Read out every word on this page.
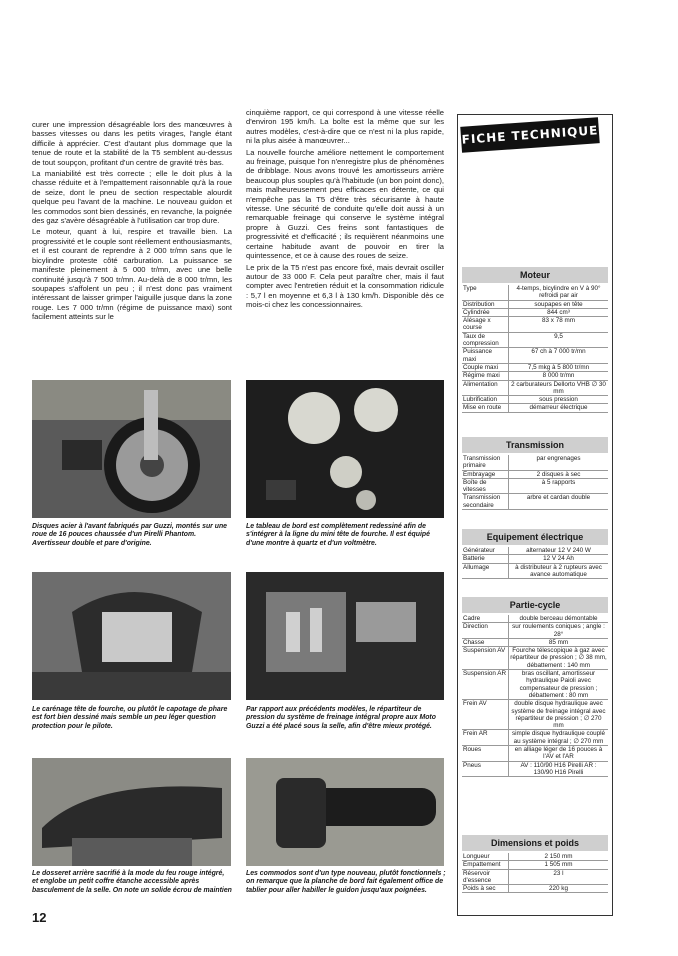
curer une impression désagréable lors des manœuvres à basses vitesses ou dans les petits virages, l'angle étant difficile à apprécier. C'est d'autant plus dommage que la tenue de route et la stabilité de la T5 semblent au-dessus de tout soupçon, profitant d'un centre de gravité très bas.

La maniabilité est très correcte ; elle le doit plus à la chasse réduite et à l'empattement raisonnable qu'à la roue de seize, dont le pneu de section respectable alourdit quelque peu l'avant de la machine. Le nouveau guidon et les commodos sont bien dessinés, en revanche, la poignée des gaz s'avère désagréable à l'utilisation car trop dure.

Le moteur, quant à lui, respire et travaille bien. La progressivité et le couple sont réellement enthousiasmants, et il est courant de reprendre à 2 000 tr/mn sans que le bicylindre proteste côté carburation. La puissance se manifeste pleinement à 5 000 tr/mn, avec une belle continuité jusqu'à 7 500 tr/mn. Au-delà de 8 000 tr/mn, les soupapes s'affolent un peu ; il n'est donc pas vraiment intéressant de laisser grimper l'aiguille jusque dans la zone rouge. Les 7 000 tr/mn (régime de puissance maxi) sont facilement atteints sur le

cinquième rapport, ce qui correspond à une vitesse réelle d'environ 195 km/h. La boîte est la même que sur les autres modèles, c'est-à-dire que ce n'est ni la plus rapide, ni la plus aisée à manœuvrer...

La nouvelle fourche améliore nettement le comportement au freinage, puisque l'on n'enregistre plus de phénomènes de dribblage. Nous avons trouvé les amortisseurs arrière beaucoup plus souples qu'à l'habitude (un bon point donc), mais malheureusement peu efficaces en détente, ce qui n'empêche pas la T5 d'être très sécurisante à haute vitesse. Une sécurité de conduite qu'elle doit aussi à un remarquable freinage qui conserve le système intégral propre à Guzzi. Ces freins sont fantastiques de progressivité et d'efficacité ; ils requièrent néanmoins une certaine habitude avant de pouvoir en tirer la quintessence, et ce à cause des roues de seize.

Le prix de la T5 n'est pas encore fixé, mais devrait osciller autour de 33 000 F. Cela peut paraître cher, mais il faut compter avec l'entretien réduit et la consommation ridicule : 5,7 l en moyenne et 6,3 l à 130 km/h. Disponible dès ce mois-ci chez les concessionnaires.

Disques acier à l'avant fabriqués par Guzzi, montés sur une roue de 16 pouces chaussée d'un Pirelli Phantom. Avertisseur double et pare d'origine.
Le tableau de bord est complètement redessiné afin de s'intégrer à la ligne du mini tête de fourche. Il est équipé d'une montre à quartz et d'un voltmètre.
Le carénage tête de fourche, ou plutôt le capotage de phare est fort bien dessiné mais semble un peu léger question protection pour le pilote.
Par rapport aux précédents modèles, le répartiteur de pression du système de freinage intégral propre aux Moto Guzzi a été placé sous la selle, afin d'être mieux protégé.
Le dosseret arrière sacrifié à la mode du feu rouge intégré, et englobe un petit coffre étanche accessible après basculement de la selle. On note un solide écrou de maintien
Les commodos sont d'un type nouveau, plutôt fonctionnels ; on remarque que la planche de bord fait également office de tablier pour aller habiller le guidon jusqu'aux poignées.
12
FICHE TECHNIQUE
Moteur
Type	4-temps, bicylindre en V à 90° refroidi par air
Distribution	soupapes en tête
Cylindrée	844 cm³
Alésage x course	83 x 78 mm
Taux de compression	9,5
Puissance maxi	67 ch à 7 000 tr/mn
Couple maxi	7,5 mkg à 5 800 tr/mn
Régime maxi	8 000 tr/mn
Alimentation	2 carburateurs Dellorto VHB ∅ 30 mm
Lubrification	sous pression
Mise en route	démarreur électrique
Transmission
Transmission primaire	par engrenages
Embrayage	2 disques à sec
Boîte de vitesses	à 5 rapports
Transmission secondaire	arbre et cardan double
Equipement électrique
Générateur	alternateur 12 V 240 W
Batterie	12 V 24 Ah
Allumage	à distributeur à 2 rupteurs avec avance automatique
Partie-cycle
Cadre	double berceau démontable
Direction	sur roulements coniques ; angle : 28°
Chasse	85 mm
Suspension AV	Fourche télescopique à gaz avec répartiteur de pression ; ∅ 38 mm, débattement : 140 mm
Suspension AR	bras oscillant, amortisseur hydraulique Paioli avec compensateur de pression ; débattement : 80 mm
Frein AV	double disque hydraulique avec système de freinage intégral avec répartiteur de pression ; ∅ 270 mm
Frein AR	simple disque hydraulique couplé au système intégral ; ∅ 270 mm
Roues	en alliage léger de 16 pouces à l'AV et l'AR
Pneus	AV : 110/90 H16 Pirelli AR : 130/90 H16 Pirelli
Dimensions et poids
Longueur	2 150 mm
Empattement	1 505 mm
Réservoir d'essence	23 l
Poids à sec	220 kg
